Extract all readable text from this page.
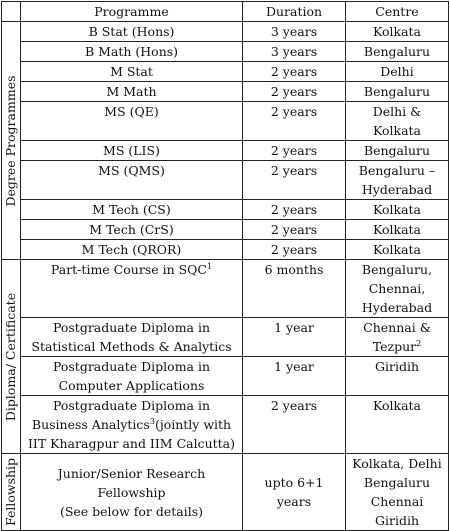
	Programme	Duration	Centre

Degree Programmes	B Stat (Hons)	3 years	Kolkata
	B Math (Hons)	3 years	Bengaluru
	M Stat	2 years	Delhi
	M Math	2 years	Bengaluru
	MS (QE)	2 years	Delhi & Kolkata
	MS (LIS)	2 years	Bengaluru
	MS (QMS)	2 years	Bengaluru –
Hyderabad

	M Tech (CS)	2 years	Kolkata
	M Tech (CrS)	2 years	Kolkata
	M Tech (QROR)	2 years	Kolkata

Diploma/ Certificate	Part-time Course in SQC$^1$	6 months	Bengaluru, Chennai,
Hyderabad

	Postgraduate Diploma in
Statistical Methods & Analytics	1 year	Chennai &
Tezpur$^2$

	Postgraduate Diploma in
Computer Applications	1 year	Giridih

	Postgraduate Diploma in
Business Analytics$^3$(jointly with
IIT Kharagpur and IIM Calcutta)	2 years	Kolkata

Fellowship	Junior/Senior Research Fellowship
(See below for details)	upto 6+1 years	Kolkata, Delhi
Bengaluru
Chennai
Giridih
